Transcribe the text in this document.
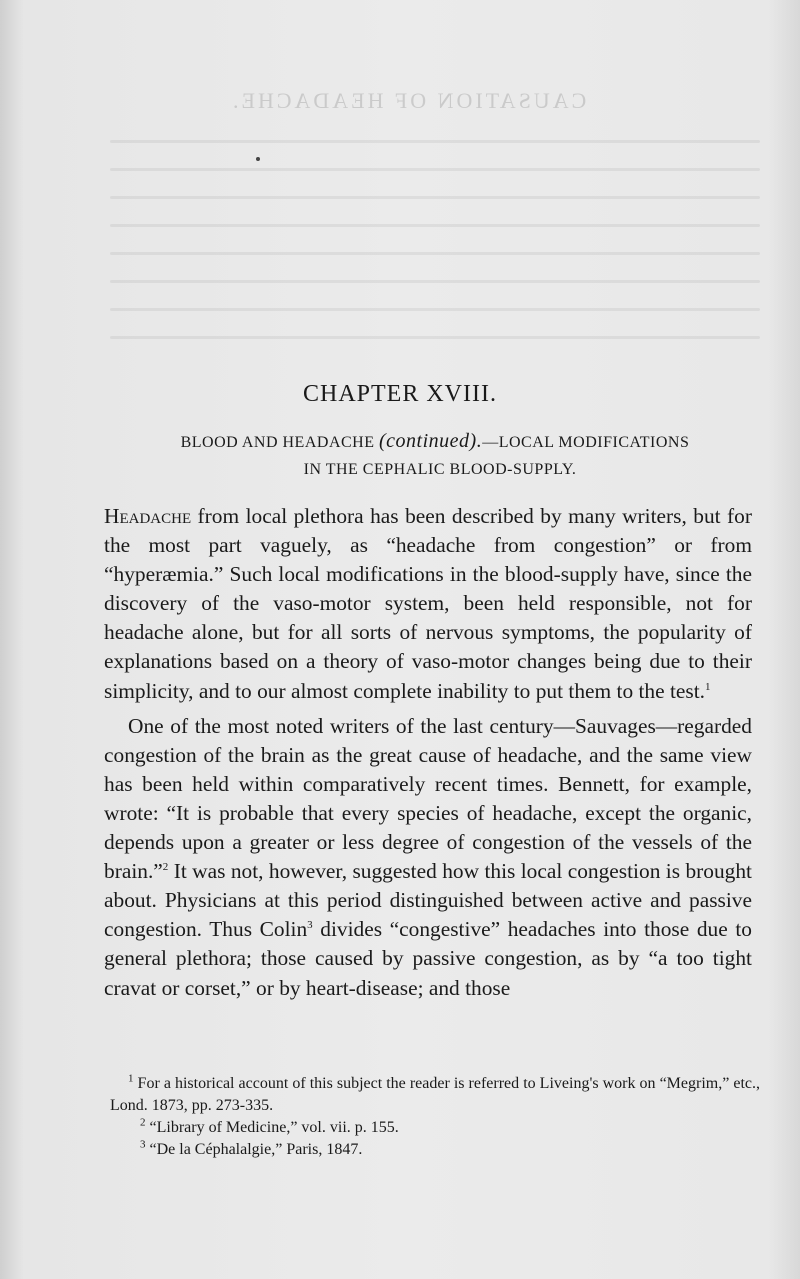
CAUSATION OF HEADACHE.
CHAPTER XVIII.
BLOOD AND HEADACHE (continued).—LOCAL MODIFICATIONS
IN THE CEPHALIC BLOOD-SUPPLY.

Headache from local plethora has been described by many writers, but for the most part vaguely, as “headache from congestion” or from “hyperæmia.” Such local modifications in the blood-supply have, since the discovery of the vaso-motor system, been held responsible, not for headache alone, but for all sorts of nervous symptoms, the popularity of explanations based on a theory of vaso-motor changes being due to their simplicity, and to our almost complete inability to put them to the test.$^1$

One of the most noted writers of the last century—Sauvages—regarded congestion of the brain as the great cause of headache, and the same view has been held within comparatively recent times. Bennett, for example, wrote: “It is probable that every species of headache, except the organic, depends upon a greater or less degree of congestion of the vessels of the brain.”$^2$ It was not, however, suggested how this local congestion is brought about. Physicians at this period distinguished between active and passive congestion. Thus Colin$^3$ divides “congestive” headaches into those due to general plethora; those caused by passive congestion, as by “a too tight cravat or corset,” or by heart-disease; and those

$^1$ For a historical account of this subject the reader is referred to Liveing's work on “Megrim,” etc., Lond. 1873, pp. 273-335.

$^2$ “Library of Medicine,” vol. vii. p. 155.

$^3$ “De la Céphalalgie,” Paris, 1847.
